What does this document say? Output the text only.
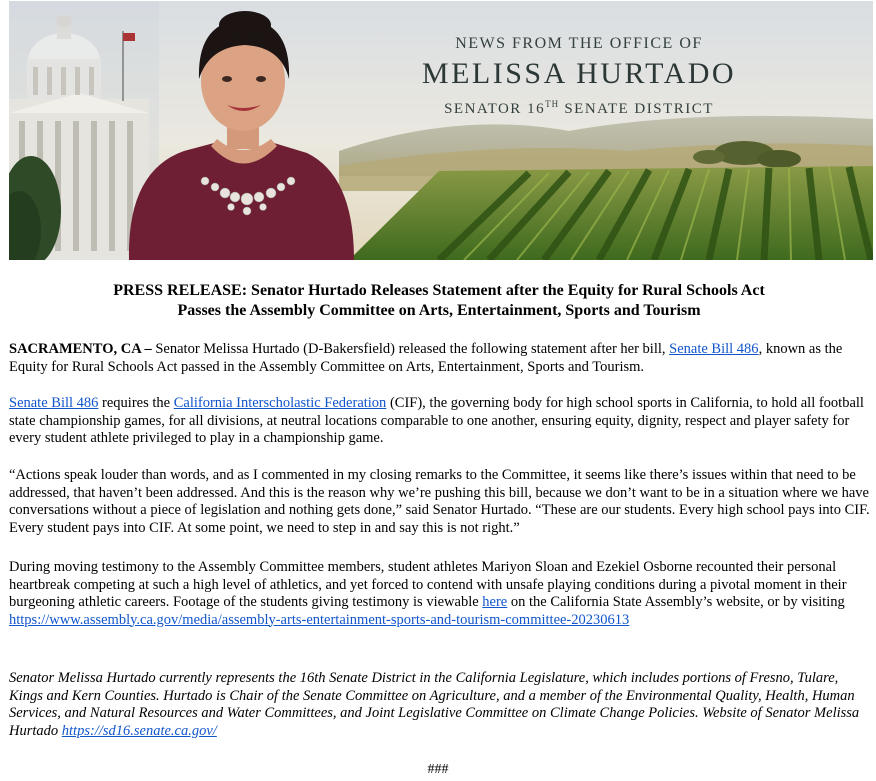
NEWS FROM THE OFFICE OF
MELISSA HURTADO
SENATOR 16TH SENATE DISTRICT
PRESS RELEASE: Senator Hurtado Releases Statement after the Equity for Rural Schools Act
Passes the Assembly Committee on Arts, Entertainment, Sports and Tourism
SACRAMENTO, CA – Senator Melissa Hurtado (D-Bakersfield) released the following statement after her bill, Senate Bill 486, known as the Equity for Rural Schools Act passed in the Assembly Committee on Arts, Entertainment, Sports and Tourism.
Senate Bill 486 requires the California Interscholastic Federation (CIF), the governing body for high school sports in California, to hold all football state championship games, for all divisions, at neutral locations comparable to one another, ensuring equity, dignity, respect and player safety for every student athlete privileged to play in a championship game.
“Actions speak louder than words, and as I commented in my closing remarks to the Committee, it seems like there’s issues within that need to be addressed, that haven’t been addressed. And this is the reason why we’re pushing this bill, because we don’t want to be in a situation where we have conversations without a piece of legislation and nothing gets done,” said Senator Hurtado. “These are our students. Every high school pays into CIF. Every student pays into CIF. At some point, we need to step in and say this is not right.”
During moving testimony to the Assembly Committee members, student athletes Mariyon Sloan and Ezekiel Osborne recounted their personal heartbreak competing at such a high level of athletics, and yet forced to contend with unsafe playing conditions during a pivotal moment in their burgeoning athletic careers. Footage of the students giving testimony is viewable here on the California State Assembly’s website, or by visiting https://www.assembly.ca.gov/media/assembly-arts-entertainment-sports-and-tourism-committee-20230613
Senator Melissa Hurtado currently represents the 16th Senate District in the California Legislature, which includes portions of Fresno, Tulare, Kings and Kern Counties. Hurtado is Chair of the Senate Committee on Agriculture, and a member of the Environmental Quality, Health, Human Services, and Natural Resources and Water Committees, and Joint Legislative Committee on Climate Change Policies. Website of Senator Melissa Hurtado https://sd16.senate.ca.gov/
###
